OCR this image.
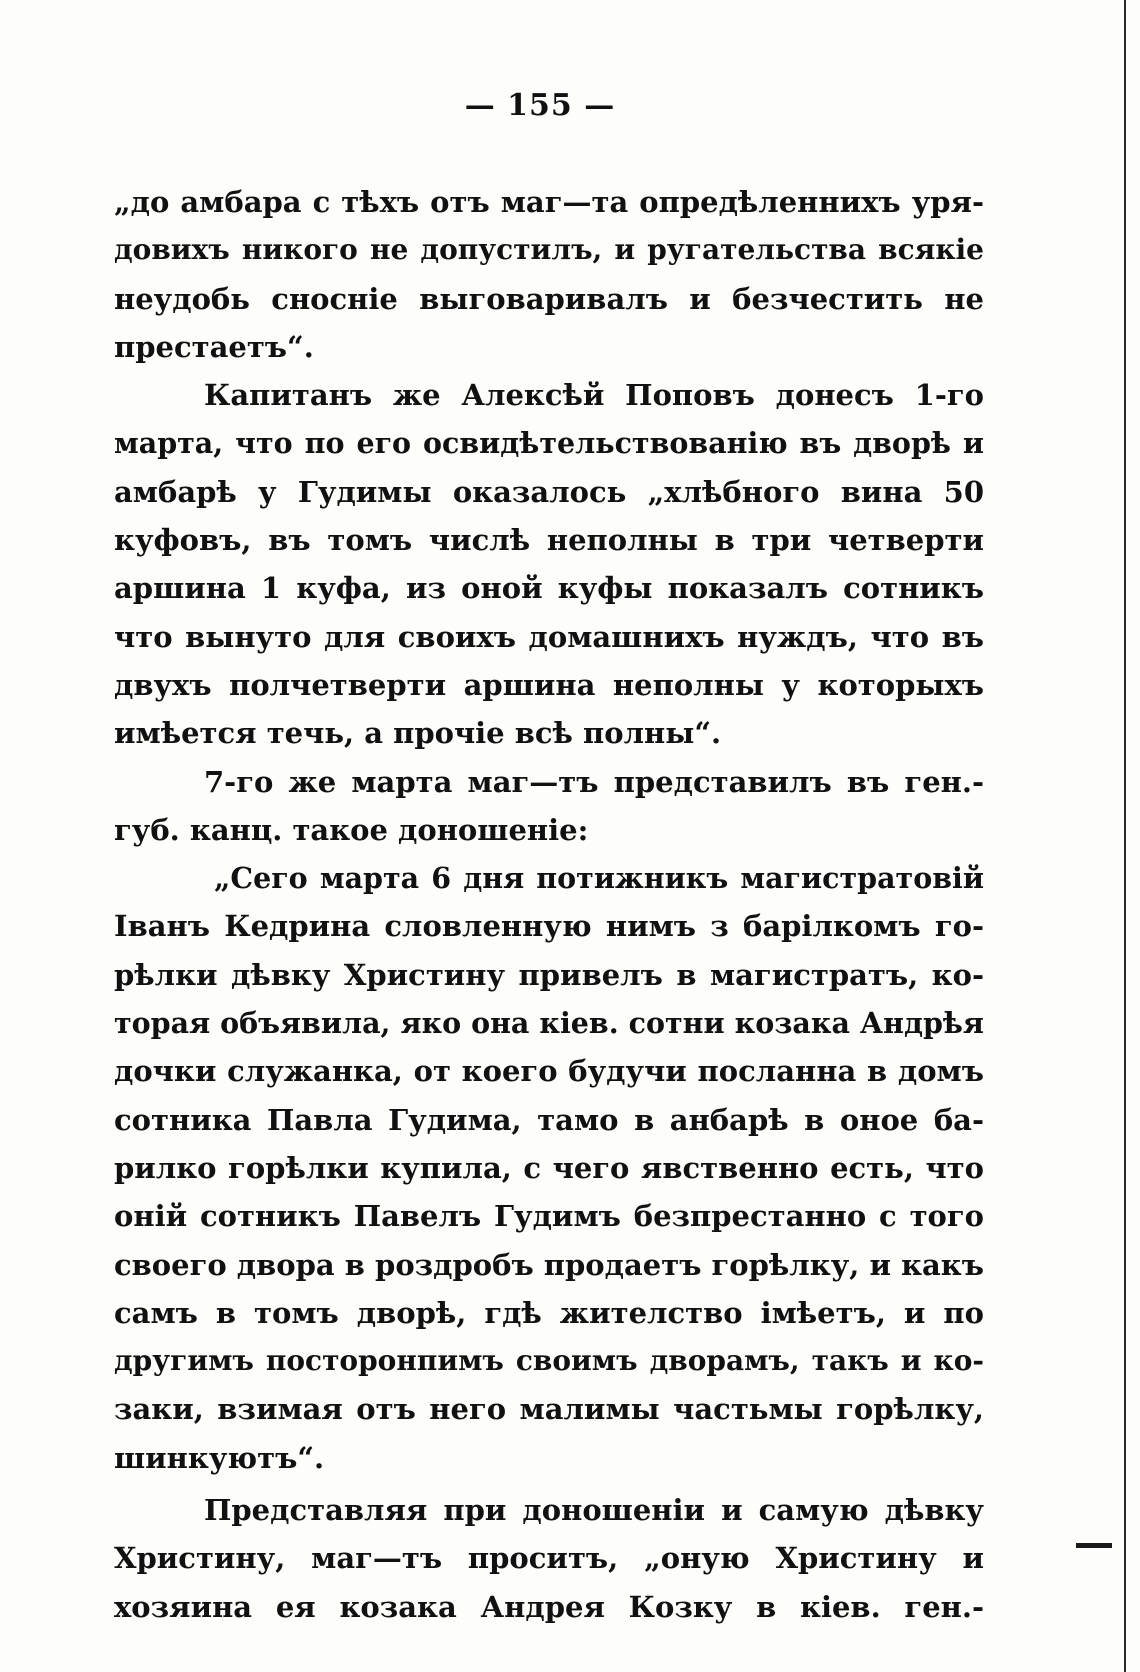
— 155 —
„до амбара с тѣхъ отъ маг—та опредѣленнихъ уря-
довихъ никого не допустилъ, и ругательства всякіе
неудобь сносніе выговаривалъ и безчестить не
престаетъ“.
Капитанъ же Алексѣй Поповъ донесъ 1-го
марта, что по его освидѣтельствованію въ дворѣ и
амбарѣ у Гудимы оказалось „хлѣбного вина 50
куфовъ, въ томъ числѣ неполны в три четверти
аршина 1 куфа, из оной куфы показалъ сотникъ
что вынуто для своихъ домашнихъ нуждъ, что въ
двухъ полчетверти аршина неполны у которыхъ
имѣется течь, а прочіе всѣ полны“.
7-го же марта маг—тъ представилъ въ ген.-
губ. канц. такое доношеніе:
„Сего марта 6 дня потижникъ магистратовій
Іванъ Кедрина словленную нимъ з барілкомъ го-
рѣлки дѣвку Христину привелъ в магистратъ, ко-
торая объявила, яко она кіев. сотни козака Андрѣя
дочки служанка, от коего будучи посланна в домъ
сотника Павла Гудима, тамо в анбарѣ в оное ба-
рилко горѣлки купила, с чего явственно есть, что
оній сотникъ Павелъ Гудимъ безпрестанно с того
своего двора в роздробъ продаетъ горѣлку, и какъ
самъ в томъ дворѣ, гдѣ жителство імѣетъ, и по
другимъ посторонпимъ своимъ дворамъ, такъ и ко-
заки, взимая отъ него малимы частьмы горѣлку,
шинкуютъ“.
Представляя при доношеніи и самую дѣвку
Христину, маг—тъ проситъ, „оную Христину и
хозяина ея козака Андрея Козку в кіев. ген.-
